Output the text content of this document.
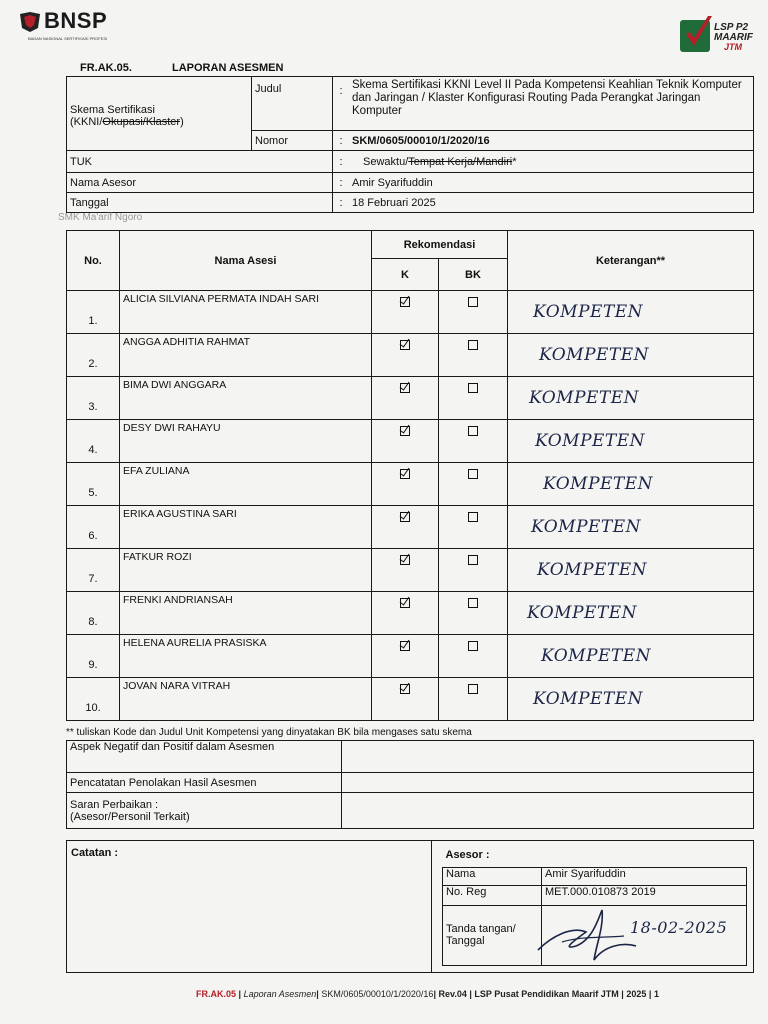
BNSP
BADAN NASIONAL SERTIFIKASI PROFESI
LSP P2
MAARIF
JTM
FR.AK.05.	LAPORAN ASESMEN
Skema Sertifikasi
(KKNI/Okupasi/Klaster)	Judul	:	Skema Sertifikasi KKNI Level II Pada Kompetensi Keahlian Teknik Komputer dan Jaringan / Klaster Konfigurasi Routing Pada Perangkat Jaringan Komputer
	Nomor	:	SKM/0605/00010/1/2020/16
TUK		:	Sewaktu/Tempat Kerja/Mandiri*
Nama Asesor		:	Amir Syarifuddin
Tanggal		:	18 Februari 2025
SMK Ma'arif Ngoro
No.	Nama Asesi	Rekomendasi		Keterangan**
		K	BK	
1.	ALICIA SILVIANA PERMATA INDAH SARI			KOMPETEN
2.	ANGGA ADHITIA RAHMAT			KOMPETEN
3.	BIMA DWI ANGGARA			KOMPETEN
4.	DESY DWI RAHAYU			KOMPETEN
5.	EFA ZULIANA			KOMPETEN
6.	ERIKA AGUSTINA SARI			KOMPETEN
7.	FATKUR ROZI			KOMPETEN
8.	FRENKI ANDRIANSAH			KOMPETEN
9.	HELENA AURELIA PRASISKA			KOMPETEN
10.	JOVAN NARA VITRAH			KOMPETEN
** tuliskan Kode dan Judul Unit Kompetensi yang dinyatakan BK bila mengases satu skema
Aspek Negatif dan Positif dalam Asesmen	
Pencatatan Penolakan Hasil Asesmen	

Saran Perbaikan :
(Asesor/Personil Terkait)	

Catatan :		Asesor :
Nama	Amir Syarifuddin
No. Reg	MET.000.010873 2019
Tanda tangan/ Tanggal	
18-02-2025
FR.AK.05 | Laporan Asesmen| SKM/0605/00010/1/2020/16| Rev.04 | LSP Pusat Pendidikan Maarif JTM | 2025 | 1
